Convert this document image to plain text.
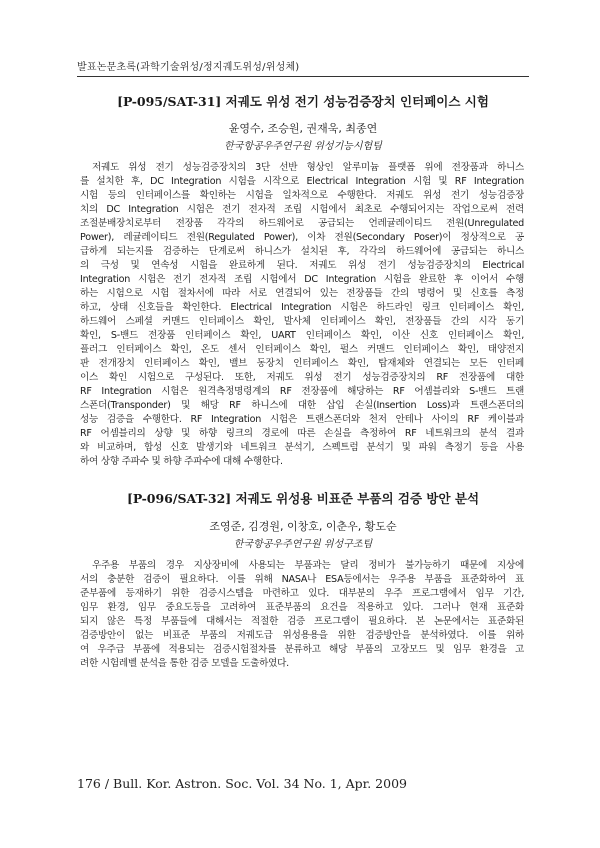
발표논문초록(과학기술위성/정지궤도위성/위성체)
[P-095/SAT-31] 저궤도 위성 전기 성능검증장치 인터페이스 시험
윤영수, 조승원, 권재욱, 최종연
한국항공우주연구원 위성기능시험팀
저궤도 위성 전기 성능검증장치의 3단 선반 형상인 알루미늄 플랫폼 위에 전장품과 하니스
를 설치한 후, DC Integration 시험을 시작으로 Electrical Integration 시험 및 RF Integration
시험 등의 인터페이스를 확인하는 시험을 일차적으로 수행한다. 저궤도 위성 전기 성능검증장
치의 DC Integration 시험은 전기 전자적 조립 시험에서 최초로 수행되어지는 작업으로써 전력
조절분배장치로부터 전장품 각각의 하드웨어로 공급되는 언레귤레이티드 전원(Unregulated
Power), 레귤레이티드 전원(Regulated Power), 이차 전원(Secondary Poser)이 정상적으로 공
급하게 되는지를 검증하는 단계로써 하니스가 설치된 후, 각각의 하드웨어에 공급되는 하니스
의 극성 및 연속성 시험을 완료하게 된다. 저궤도 위성 전기 성능검증장치의 Electrical
Integration 시험은 전기 전자적 조립 시험에서 DC Integration 시험을 완료한 후 이어서 수행
하는 시험으로 시험 절차서에 따라 서로 연결되어 있는 전장품들 간의 명령어 및 신호를 측정
하고, 상태 신호들을 확인한다. Electrical Integration 시험은 하드라인 링크 인터페이스 확인,
하드웨어 스페셜 커맨드 인터페이스 확인, 발사체 인터페이스 확인, 전장품들 간의 시각 동기
확인, S-밴드 전장품 인터페이스 확인, UART 인터페이스 확인, 이산 신호 인터페이스 확인,
플러그 인터페이스 확인, 온도 센서 인터페이스 확인, 펄스 커맨드 인터페이스 확인, 태양전지
판 전개장치 인터페이스 확인, 밸브 동장치 인터페이스 확인, 탑재체와 연결되는 모든 인터페
이스 확인 시험으로 구성된다. 또한, 저궤도 위성 전기 성능검증장치의 RF 전장품에 대한
RF Integration 시험은 원격측정명령계의 RF 전장품에 해당하는 RF 어셈블리와 S-밴드 트랜
스폰더(Transponder) 및 해당 RF 하니스에 대한 삽입 손실(Insertion Loss)과 트랜스폰더의
성능 검증을 수행한다. RF Integration 시험은 트랜스폰더와 천저 안테나 사이의 RF 케이블과
RF 어셈블리의 상향 및 하향 링크의 경로에 따른 손실을 측정하여 RF 네트워크의 분석 결과
와 비교하며, 합성 신호 발생기와 네트워크 분석기, 스펙트럼 분석기 및 파워 측정기 등을 사용
하여 상향 주파수 및 하향 주파수에 대해 수행한다.
[P-096/SAT-32] 저궤도 위성용 비표준 부품의 검증 방안 분석
조영준, 김경원, 이창호, 이춘우, 황도순
한국항공우주연구원 위성구조팀
우주용 부품의 경우 지상장비에 사용되는 부품과는 달리 정비가 불가능하기 때문에 지상에
서의 충분한 검증이 필요하다. 이를 위해 NASA나 ESA등에서는 우주용 부품을 표준화하여 표
준부품에 등재하기 위한 검증시스템을 마련하고 있다. 대부분의 우주 프로그램에서 임무 기간,
임무 환경, 임무 중요도등을 고려하여 표준부품의 요건을 적용하고 있다. 그러나 현재 표준화
되지 않은 특정 부품들에 대해서는 적절한 검증 프로그램이 필요하다. 본 논문에서는 표준화된
검증방안이 없는 비표준 부품의 저궤도급 위성용용을 위한 검증방안을 분석하였다. 이를 위하
여 우주급 부품에 적용되는 검증시험절차를 분류하고 해당 부품의 고장모드 및 임무 환경을 고
려한 시험레벨 분석을 통한 검증 모델을 도출하였다.
176 / Bull. Kor. Astron. Soc. Vol. 34 No. 1, Apr. 2009
